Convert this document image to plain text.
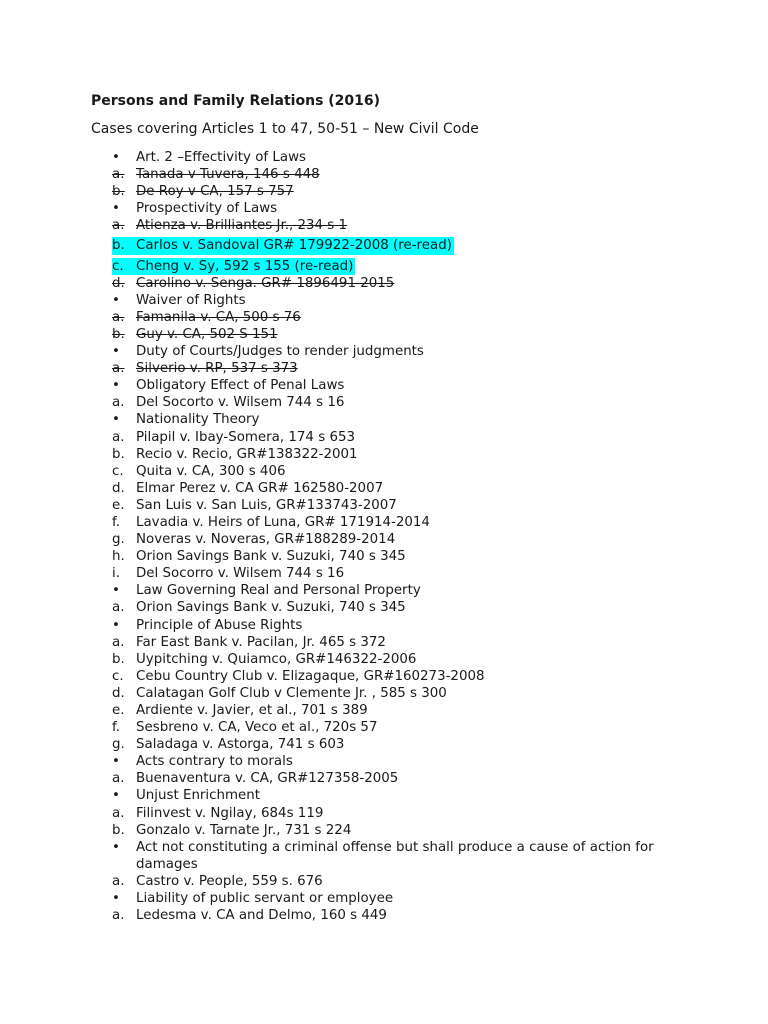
Persons and Family Relations (2016)
Cases covering Articles 1 to 47, 50-51 – New Civil Code
•	Art. 2 –Effectivity of Laws
a. Tanada v Tuvera, 146 s 448
b. De Roy v CA, 157 s 757
•	Prospectivity of Laws
a. Atienza v. Brilliantes Jr., 234 s 1
b. Carlos v. Sandoval GR# 179922-2008 (re-read)
c. Cheng v. Sy, 592 s 155 (re-read)
d. Carolino v. Senga. GR# 1896491 2015
•	Waiver of Rights
a. Famanila v. CA, 500 s 76
b. Guy v. CA, 502 S 151
•	Duty of Courts/Judges to render judgments
a. Silverio v. RP, 537 s 373
•	Obligatory Effect of Penal Laws
a. Del Socorto v. Wilsem 744 s 16
•	Nationality Theory
a. Pilapil v. Ibay-Somera, 174 s 653
b. Recio v. Recio, GR#138322-2001
c. Quita v. CA, 300 s 406
d. Elmar Perez v. CA GR# 162580-2007
e. San Luis v. San Luis, GR#133743-2007
f.	Lavadia v. Heirs of Luna, GR# 171914-2014
g. Noveras v. Noveras, GR#188289-2014
h. Orion Savings Bank v. Suzuki, 740 s 345
i.	Del Socorro v. Wilsem 744 s 16
•	Law Governing Real and Personal Property
a. Orion Savings Bank v. Suzuki, 740 s 345
•	Principle of Abuse Rights
a. Far East Bank v. Pacilan, Jr. 465 s 372
b. Uypitching v. Quiamco, GR#146322-2006
c. Cebu Country Club v. Elizagaque, GR#160273-2008
d. Calatagan Golf Club v Clemente Jr. , 585 s 300
e. Ardiente v. Javier, et al., 701 s 389
f.	Sesbreno v. CA, Veco et al., 720s 57
g. Saladaga v. Astorga, 741 s 603
•	Acts contrary to morals
a. Buenaventura v. CA, GR#127358-2005
•	Unjust Enrichment
a. Filinvest v. Ngilay, 684s 119
b. Gonzalo v. Tarnate Jr., 731 s 224
•	Act not constituting a criminal offense but shall produce a cause of action for damages
a. Castro v. People, 559 s. 676
•	Liability of public servant or employee
a. Ledesma v. CA and Delmo, 160 s 449
